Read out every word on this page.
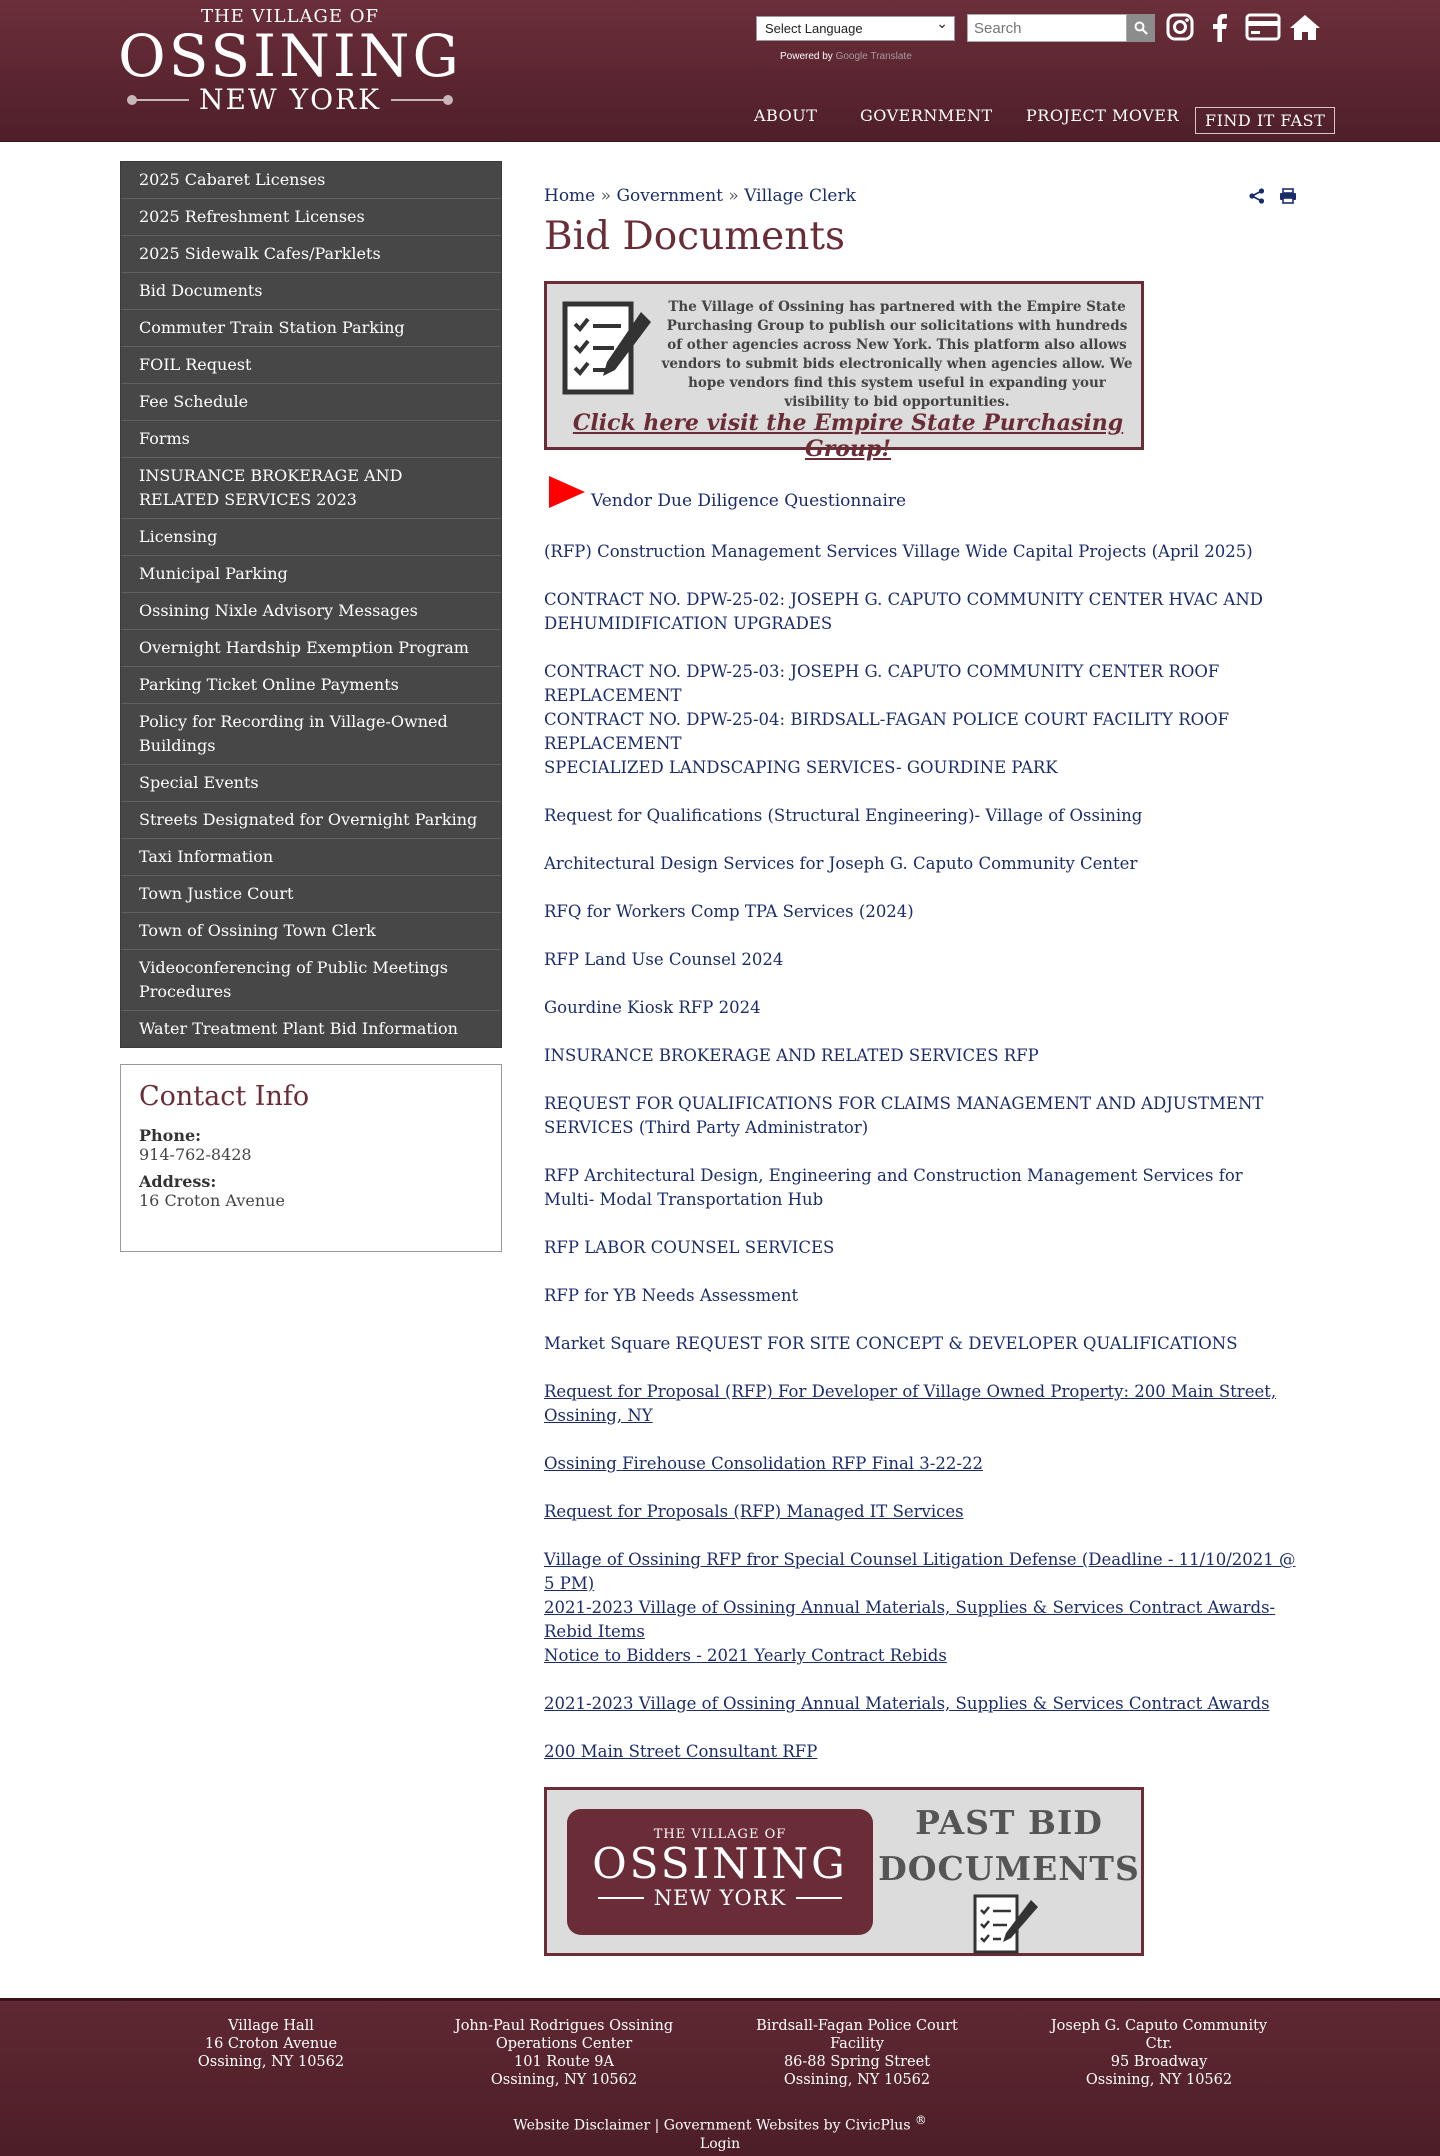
THE VILLAGE OF
OSSINING
NEW YORK
Select Language ⌄
Powered by Google Translate
Search
ABOUT	GOVERNMENT PROJECT MOVER	FIND IT FAST
2025 Cabaret Licenses
2025 Refreshment Licenses
2025 Sidewalk Cafes/Parklets
Bid Documents
Commuter Train Station Parking
FOIL Request
Fee Schedule
Forms
INSURANCE BROKERAGE AND RELATED SERVICES 2023
Licensing
Municipal Parking
Ossining Nixle Advisory Messages
Overnight Hardship Exemption Program
Parking Ticket Online Payments
Policy for Recording in Village-Owned Buildings
Special Events
Streets Designated for Overnight Parking
Taxi Information
Town Justice Court
Town of Ossining Town Clerk
Videoconferencing of Public Meetings Procedures
Water Treatment Plant Bid Information
Contact Info
Phone:
914-762-8428
Address:
16 Croton Avenue
Home » Government » Village Clerk
Bid Documents
The Village of Ossining has partnered with the Empire State Purchasing Group to publish our solicitations with hundreds of other agencies across New York. This platform also allows vendors to submit bids electronically when agencies allow. We hope vendors find this system useful in expanding your visibility to bid opportunities.
Click here visit the Empire State Purchasing Group!
Vendor Due Diligence Questionnaire
(RFP) Construction Management Services Village Wide Capital Projects (April 2025)
CONTRACT NO. DPW-25-02: JOSEPH G. CAPUTO COMMUNITY CENTER HVAC AND DEHUMIDIFICATION UPGRADES
CONTRACT NO. DPW-25-03: JOSEPH G. CAPUTO COMMUNITY CENTER ROOF REPLACEMENT
CONTRACT NO. DPW-25-04: BIRDSALL-FAGAN POLICE COURT FACILITY ROOF REPLACEMENT
SPECIALIZED LANDSCAPING SERVICES- GOURDINE PARK
Request for Qualifications (Structural Engineering)- Village of Ossining
Architectural Design Services for Joseph G. Caputo Community Center
RFQ for Workers Comp TPA Services (2024)
RFP Land Use Counsel 2024
Gourdine Kiosk RFP 2024
INSURANCE BROKERAGE AND RELATED SERVICES RFP
REQUEST FOR QUALIFICATIONS FOR CLAIMS MANAGEMENT AND ADJUSTMENT SERVICES (Third Party Administrator)
RFP Architectural Design, Engineering and Construction Management Services for Multi- Modal Transportation Hub
RFP LABOR COUNSEL SERVICES
RFP for YB Needs Assessment
Market Square REQUEST FOR SITE CONCEPT & DEVELOPER QUALIFICATIONS
Request for Proposal (RFP) For Developer of Village Owned Property: 200 Main Street, Ossining, NY
Ossining Firehouse Consolidation RFP Final 3-22-22
Request for Proposals (RFP) Managed IT Services
Village of Ossining RFP fror Special Counsel Litigation Defense (Deadline - 11/10/2021 @ 5 PM)
2021-2023 Village of Ossining Annual Materials, Supplies & Services Contract Awards-Rebid Items
Notice to Bidders - 2021 Yearly Contract Rebids
2021-2023 Village of Ossining Annual Materials, Supplies & Services Contract Awards
200 Main Street Consultant RFP
THE VILLAGE OF
OSSINING
NEW YORK
PAST BID
DOCUMENTS
Village Hall
16 Croton Avenue
Ossining, NY 10562
John-Paul Rodrigues Ossining
Operations Center
101 Route 9A
Ossining, NY 10562
Birdsall-Fagan Police Court Facility
86-88 Spring Street
Ossining, NY 10562
Joseph G. Caputo Community Ctr.
95 Broadway
Ossining, NY 10562
Website Disclaimer | Government Websites by CivicPlus ®
Login
